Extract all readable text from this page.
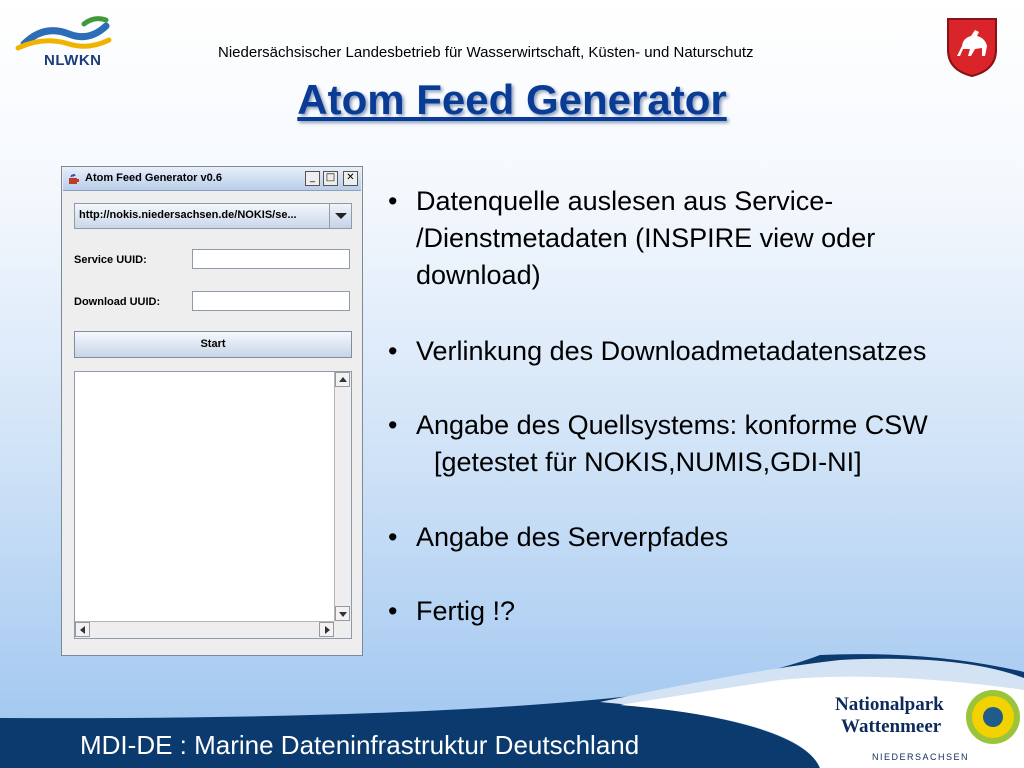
NLWKN	Niedersächsischer Landesbetrieb für Wasserwirtschaft, Küsten- und Naturschutz
Atom Feed Generator
Atom Feed Generator v0.6	_	□	✕
http://nokis.niedersachsen.de/NOKIS/se...
Service UUID:
Download UUID:
Start
• Datenquelle auslesen aus Service-
/Dienstmetadaten (INSPIRE view oder
download)
• Verlinkung des Downloadmetadatensatzes
• Angabe des Quellsystems: konforme CSW
[getestet für NOKIS,NUMIS,GDI-NI]
• Angabe des Serverpfades
• Fertig !?
MDI-DE : Marine Dateninfrastruktur Deutschland
Nationalpark
Wattenmeer
NIEDERSACHSEN
